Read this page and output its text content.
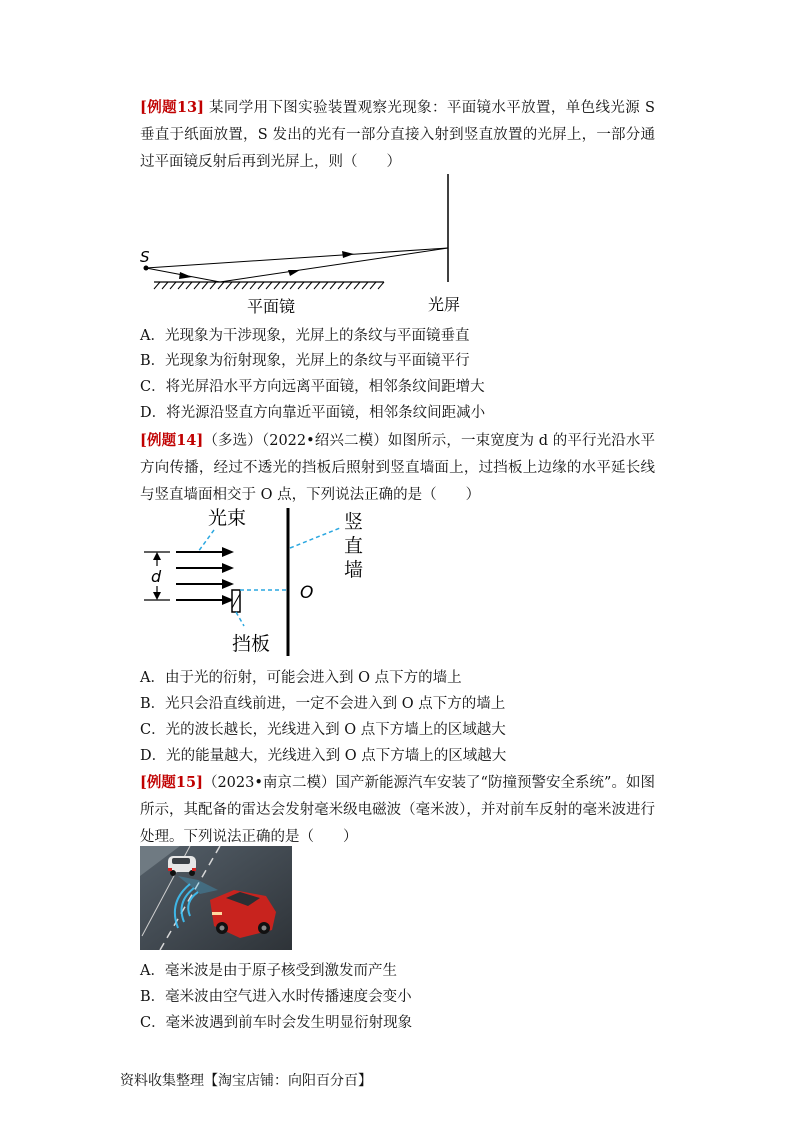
[例题13] 某同学用下图实验装置观察光现象：平面镜水平放置，单色线光源 S 垂直于纸面放置，S 发出的光有一部分直接入射到竖直放置的光屏上，一部分通过平面镜反射后再到光屏上，则（　　）
S
平面镜	光屏
A．光现象为干涉现象，光屏上的条纹与平面镜垂直
B．光现象为衍射现象，光屏上的条纹与平面镜平行
C．将光屏沿水平方向远离平面镜，相邻条纹间距增大
D．将光源沿竖直方向靠近平面镜，相邻条纹间距减小
[例题14]（多选）（2022•绍兴二模）如图所示，一束宽度为 d 的平行光沿水平方向传播，经过不透光的挡板后照射到竖直墙面上，过挡板上边缘的水平延长线与竖直墙面相交于 O 点，下列说法正确的是（　　）
光束
d
挡板
O
竖
直
墙
A．由于光的衍射，可能会进入到 O 点下方的墙上
B．光只会沿直线前进，一定不会进入到 O 点下方的墙上
C．光的波长越长，光线进入到 O 点下方墙上的区域越大
D．光的能量越大，光线进入到 O 点下方墙上的区域越大
[例题15]（2023•南京二模）国产新能源汽车安装了“防撞预警安全系统”。如图所示，其配备的雷达会发射毫米级电磁波（毫米波），并对前车反射的毫米波进行处理。下列说法正确的是（　　）
A．毫米波是由于原子核受到激发而产生
B．毫米波由空气进入水时传播速度会变小
C．毫米波遇到前车时会发生明显衍射现象
资料收集整理【淘宝店铺：向阳百分百】
